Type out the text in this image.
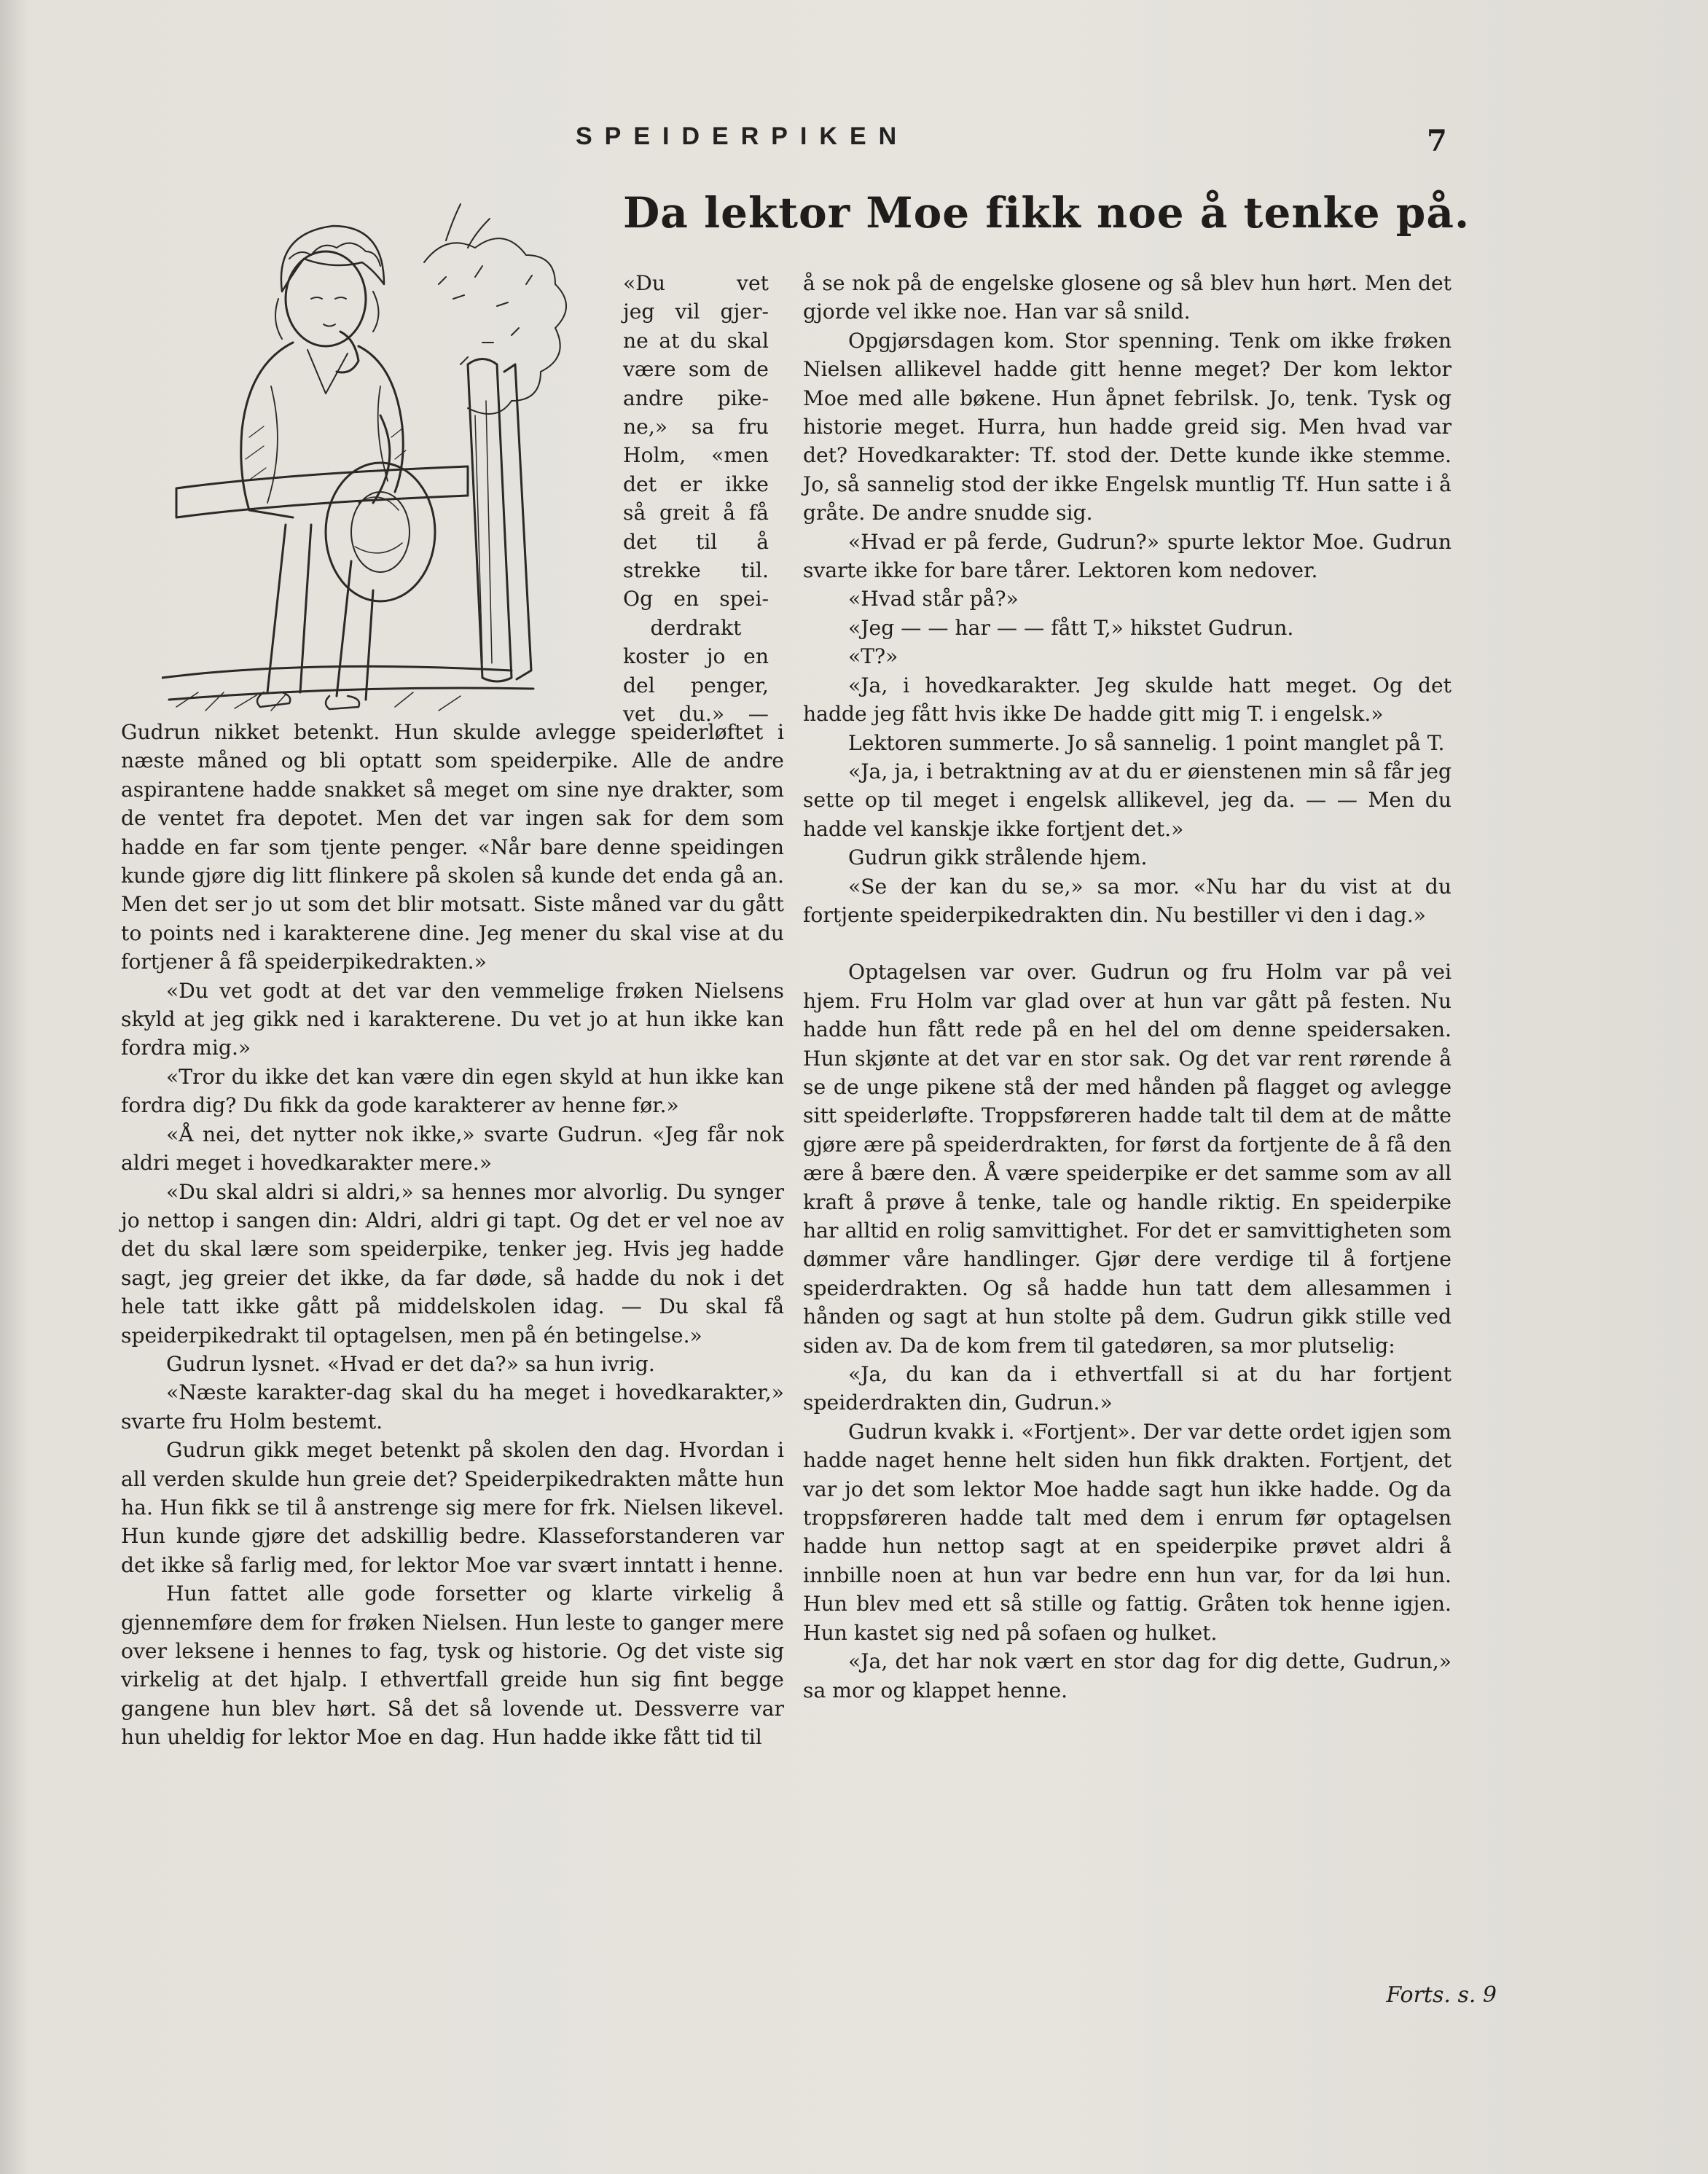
SPEIDERPIKEN	7
Da lektor Moe fikk noe å tenke på.

«Du vet

jeg vil gjer-

ne at du skal

være som de

andre pike-

ne,» sa fru

Holm, «men

det er ikke

så greit å få

det til å

strekke til.

Og en spei-

derdrakt

koster jo en

del penger,

vet du.» —

Gudrun nikket betenkt. Hun skulde avlegge speiderløftet i næste måned og bli optatt som speiderpike. Alle de andre aspirantene hadde snakket så meget om sine nye drakter, som de ventet fra depotet. Men det var ingen sak for dem som hadde en far som tjente penger. «Når bare denne speidingen kunde gjøre dig litt flinkere på skolen så kunde det enda gå an. Men det ser jo ut som det blir motsatt. Siste måned var du gått to points ned i karakterene dine. Jeg mener du skal vise at du fortjener å få speiderpikedrakten.»

«Du vet godt at det var den vemmelige frøken Nielsens skyld at jeg gikk ned i karakterene. Du vet jo at hun ikke kan fordra mig.»

«Tror du ikke det kan være din egen skyld at hun ikke kan fordra dig? Du fikk da gode karakterer av henne før.»

«Å nei, det nytter nok ikke,» svarte Gudrun. «Jeg får nok aldri meget i hovedkarakter mere.»

«Du skal aldri si aldri,» sa hennes mor alvorlig. Du synger jo nettop i sangen din: Aldri, aldri gi tapt. Og det er vel noe av det du skal lære som speiderpike, tenker jeg. Hvis jeg hadde sagt, jeg greier det ikke, da far døde, så hadde du nok i det hele tatt ikke gått på middelskolen idag. — Du skal få speiderpikedrakt til optagelsen, men på én betingelse.»

Gudrun lysnet. «Hvad er det da?» sa hun ivrig.

«Næste karakter-dag skal du ha meget i hovedkarakter,» svarte fru Holm bestemt.

Gudrun gikk meget betenkt på skolen den dag. Hvordan i all verden skulde hun greie det? Speiderpikedrakten måtte hun ha. Hun fikk se til å anstrenge sig mere for frk. Nielsen likevel. Hun kunde gjøre det adskillig bedre. Klasseforstanderen var det ikke så farlig med, for lektor Moe var svært inntatt i henne.

Hun fattet alle gode forsetter og klarte virkelig å gjennemføre dem for frøken Nielsen. Hun leste to ganger mere over leksene i hennes to fag, tysk og historie. Og det viste sig virkelig at det hjalp. I ethvertfall greide hun sig fint begge gangene hun blev hørt. Så det så lovende ut. Dessverre var hun uheldig for lektor Moe en dag. Hun hadde ikke fått tid til

å se nok på de engelske glosene og så blev hun hørt. Men det gjorde vel ikke noe. Han var så snild.

Opgjørsdagen kom. Stor spenning. Tenk om ikke frøken Nielsen allikevel hadde gitt henne meget? Der kom lektor Moe med alle bøkene. Hun åpnet febrilsk. Jo, tenk. Tysk og historie meget. Hurra, hun hadde greid sig. Men hvad var det? Hovedkarakter: Tf. stod der. Dette kunde ikke stemme. Jo, så sannelig stod der ikke Engelsk muntlig Tf. Hun satte i å gråte. De andre snudde sig.

«Hvad er på ferde, Gudrun?» spurte lektor Moe. Gudrun svarte ikke for bare tårer. Lektoren kom nedover.

«Hvad står på?»

«Jeg — — har — — fått T,» hikstet Gudrun.

«T?»

«Ja, i hovedkarakter. Jeg skulde hatt meget. Og det hadde jeg fått hvis ikke De hadde gitt mig T. i engelsk.»

Lektoren summerte. Jo så sannelig. 1 point manglet på T.

«Ja, ja, i betraktning av at du er øienstenen min så får jeg sette op til meget i engelsk allikevel, jeg da. — — Men du hadde vel kanskje ikke fortjent det.»

Gudrun gikk strålende hjem.

«Se der kan du se,» sa mor. «Nu har du vist at du fortjente speiderpikedrakten din. Nu bestiller vi den i dag.»

Optagelsen var over. Gudrun og fru Holm var på vei hjem. Fru Holm var glad over at hun var gått på festen. Nu hadde hun fått rede på en hel del om denne speidersaken. Hun skjønte at det var en stor sak. Og det var rent rørende å se de unge pikene stå der med hånden på flagget og avlegge sitt speiderløfte. Troppsføreren hadde talt til dem at de måtte gjøre ære på speiderdrakten, for først da fortjente de å få den ære å bære den. Å være speiderpike er det samme som av all kraft å prøve å tenke, tale og handle riktig. En speiderpike har alltid en rolig samvittighet. For det er samvittigheten som dømmer våre handlinger. Gjør dere verdige til å fortjene speiderdrakten. Og så hadde hun tatt dem allesammen i hånden og sagt at hun stolte på dem. Gudrun gikk stille ved siden av. Da de kom frem til gatedøren, sa mor plutselig:

«Ja, du kan da i ethvertfall si at du har fortjent speiderdrakten din, Gudrun.»

Gudrun kvakk i. «Fortjent». Der var dette ordet igjen som hadde naget henne helt siden hun fikk drakten. Fortjent, det var jo det som lektor Moe hadde sagt hun ikke hadde. Og da troppsføreren hadde talt med dem i enrum før optagelsen hadde hun nettop sagt at en speiderpike prøvet aldri å innbille noen at hun var bedre enn hun var, for da løi hun. Hun blev med ett så stille og fattig. Gråten tok henne igjen. Hun kastet sig ned på sofaen og hulket.

«Ja, det har nok vært en stor dag for dig dette, Gudrun,» sa mor og klappet henne.

Forts. s. 9
